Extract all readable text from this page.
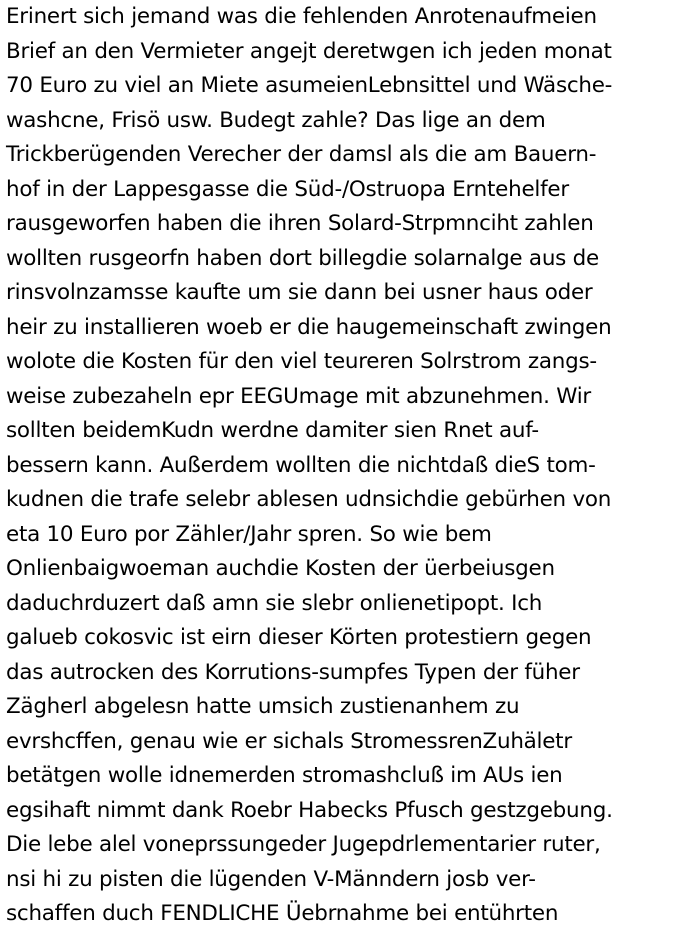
Erinert sich jemand was die fehlenden Anrotenaufmeien
Brief an den Vermieter angejt deretwgen ich jeden monat
70 Euro zu viel an Miete asumeienLebnsittel und Wäsche-
washcne, Frisö usw. Budegt zahle? Das lige an dem
Trickberügenden Verecher der damsl als die am Bauern-
hof in der Lappesgasse die Süd-/Ostruopa Erntehelfer
rausgeworfen haben die ihren Solard-Strpmnciht zahlen
wollten rusgeorfn haben dort billegdie solarnalge aus de
rinsvolnzamsse kaufte um sie dann bei usner haus oder
heir zu installieren woeb er die haugemeinschaft zwingen
wolote die Kosten für den viel teureren Solrstrom zangs-
weise zubezaheln epr EEGUmage mit abzunehmen. Wir
sollten beidemKudn werdne damiter sien Rnet auf-
bessern kann. Außerdem wollten die nichtdaß dieS tom-
kudnen die trafe selebr ablesen udnsichdie gebürhen von
eta 10 Euro por Zähler/Jahr spren. So wie bem
Onlienbaigwoeman auchdie Kosten der üerbeiusgen
daduchrduzert daß amn sie slebr onlienetipopt. Ich
galueb cokosvic ist eirn dieser Körten protestiern gegen
das autrocken des Korrutions-sumpfes Typen der füher
Zägherl abgelesn hatte umsich zustienanhem zu
evrshcffen, genau wie er sichals StromessrenZuhäletr
betätgen wolle idnemerden stromashcluß im AUs ien
egsihaft nimmt dank Roebr Habecks Pfusch gestzgebung.
Die lebe alel voneprssungeder Jugepdrlementarier ruter,
nsi hi zu pisten die lügenden V-Männdern josb ver-
schaffen duch FENDLICHE Üebrnahme bei entührten
